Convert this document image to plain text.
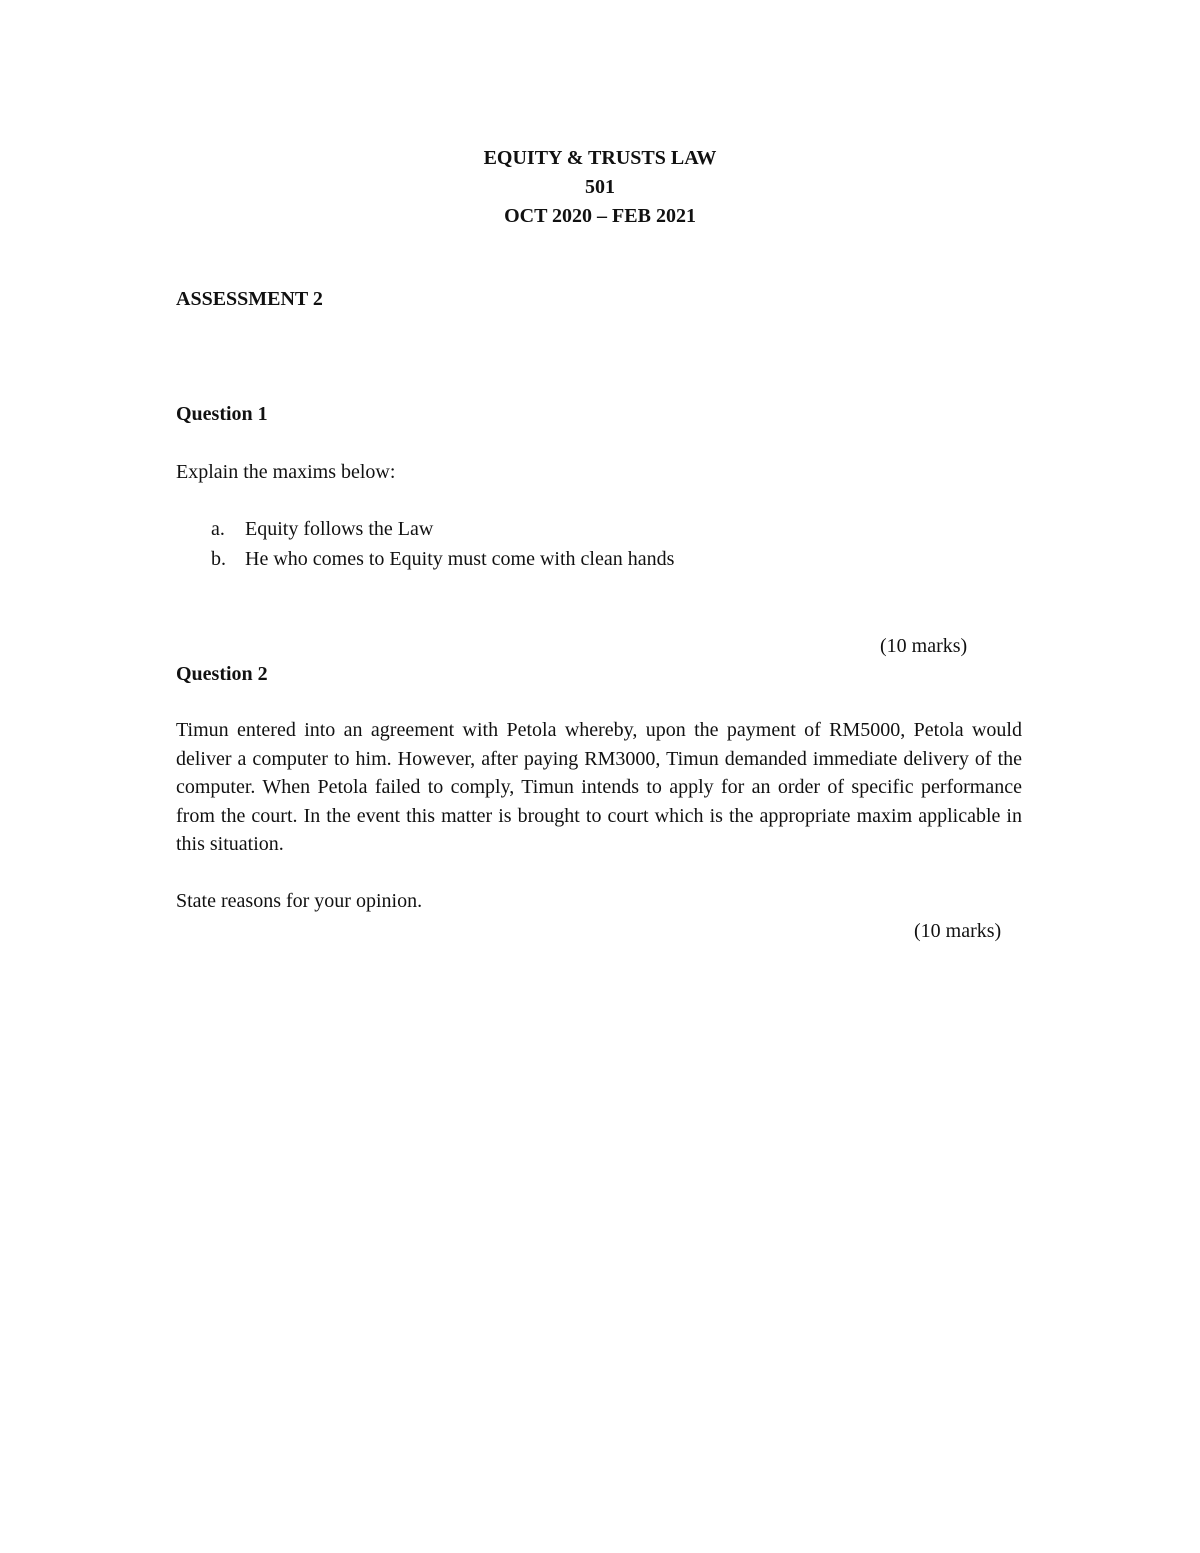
EQUITY & TRUSTS LAW
501
OCT 2020 – FEB 2021
ASSESSMENT 2
Question 1
Explain the maxims below:
a. Equity follows the Law
b. He who comes to Equity must come with clean hands
(10 marks)
Question 2
Timun entered into an agreement with Petola whereby, upon the payment of RM5000, Petola would deliver a computer to him. However, after paying RM3000, Timun demanded immediate delivery of the computer. When Petola failed to comply, Timun intends to apply for an order of specific performance from the court. In the event this matter is brought to court which is the appropriate maxim applicable in this situation.
State reasons for your opinion.
(10 marks)
